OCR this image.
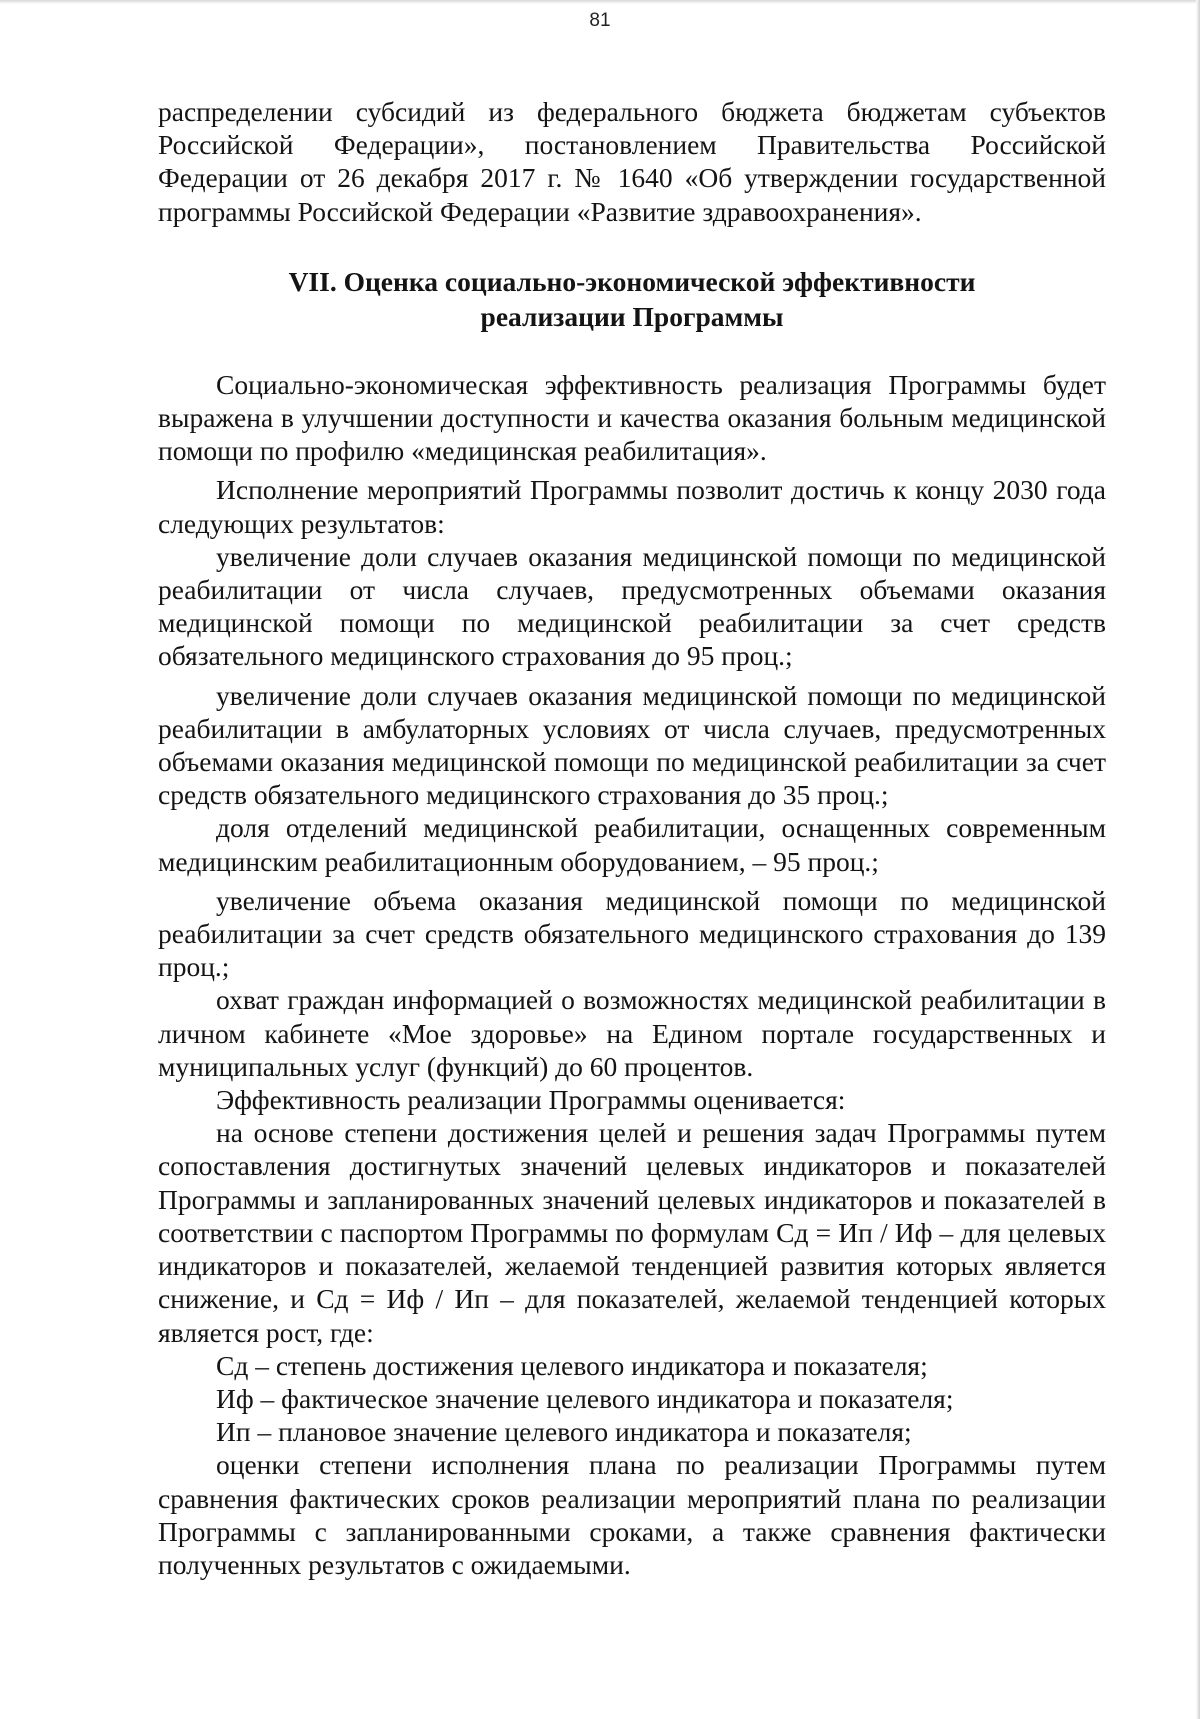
81

распределении субсидий из федерального бюджета бюджетам субъектов Российской Федерации», постановлением Правительства Российской Федерации от 26 декабря 2017 г. № 1640 «Об утверждении государственной программы Российской Федерации «Развитие здравоохранения».

VII. Оценка социально-экономической эффективности
реализации Программы

Социально-экономическая эффективность реализация Программы будет выражена в улучшении доступности и качества оказания больным медицинской помощи по профилю «медицинская реабилитация».

Исполнение мероприятий Программы позволит достичь к концу 2030 года следующих результатов:

увеличение доли случаев оказания медицинской помощи по медицинской реабилитации от числа случаев, предусмотренных объемами оказания медицинской помощи по медицинской реабилитации за счет средств обязательного медицинского страхования до 95 проц.;

увеличение доли случаев оказания медицинской помощи по медицинской реабилитации в амбулаторных условиях от числа случаев, предусмотренных объемами оказания медицинской помощи по медицинской реабилитации за счет средств обязательного медицинского страхования до 35 проц.;

доля отделений медицинской реабилитации, оснащенных современным медицинским реабилитационным оборудованием, – 95 проц.;

увеличение объема оказания медицинской помощи по медицинской реабилитации за счет средств обязательного медицинского страхования до 139 проц.;

охват граждан информацией о возможностях медицинской реабилитации в личном кабинете «Мое здоровье» на Едином портале государственных и муниципальных услуг (функций) до 60 процентов.

Эффективность реализации Программы оценивается:

на основе степени достижения целей и решения задач Программы путем сопоставления достигнутых значений целевых индикаторов и показателей Программы и запланированных значений целевых индикаторов и показателей в соответствии с паспортом Программы по формулам Сд = Ип / Иф – для целевых индикаторов и показателей, желаемой тенденцией развития которых является снижение, и Сд = Иф / Ип – для показателей, желаемой тенденцией которых является рост, где:

Сд – степень достижения целевого индикатора и показателя;

Иф – фактическое значение целевого индикатора и показателя;

Ип – плановое значение целевого индикатора и показателя;

оценки степени исполнения плана по реализации Программы путем сравнения фактических сроков реализации мероприятий плана по реализации Программы с запланированными сроками, а также сравнения фактически полученных результатов с ожидаемыми.
